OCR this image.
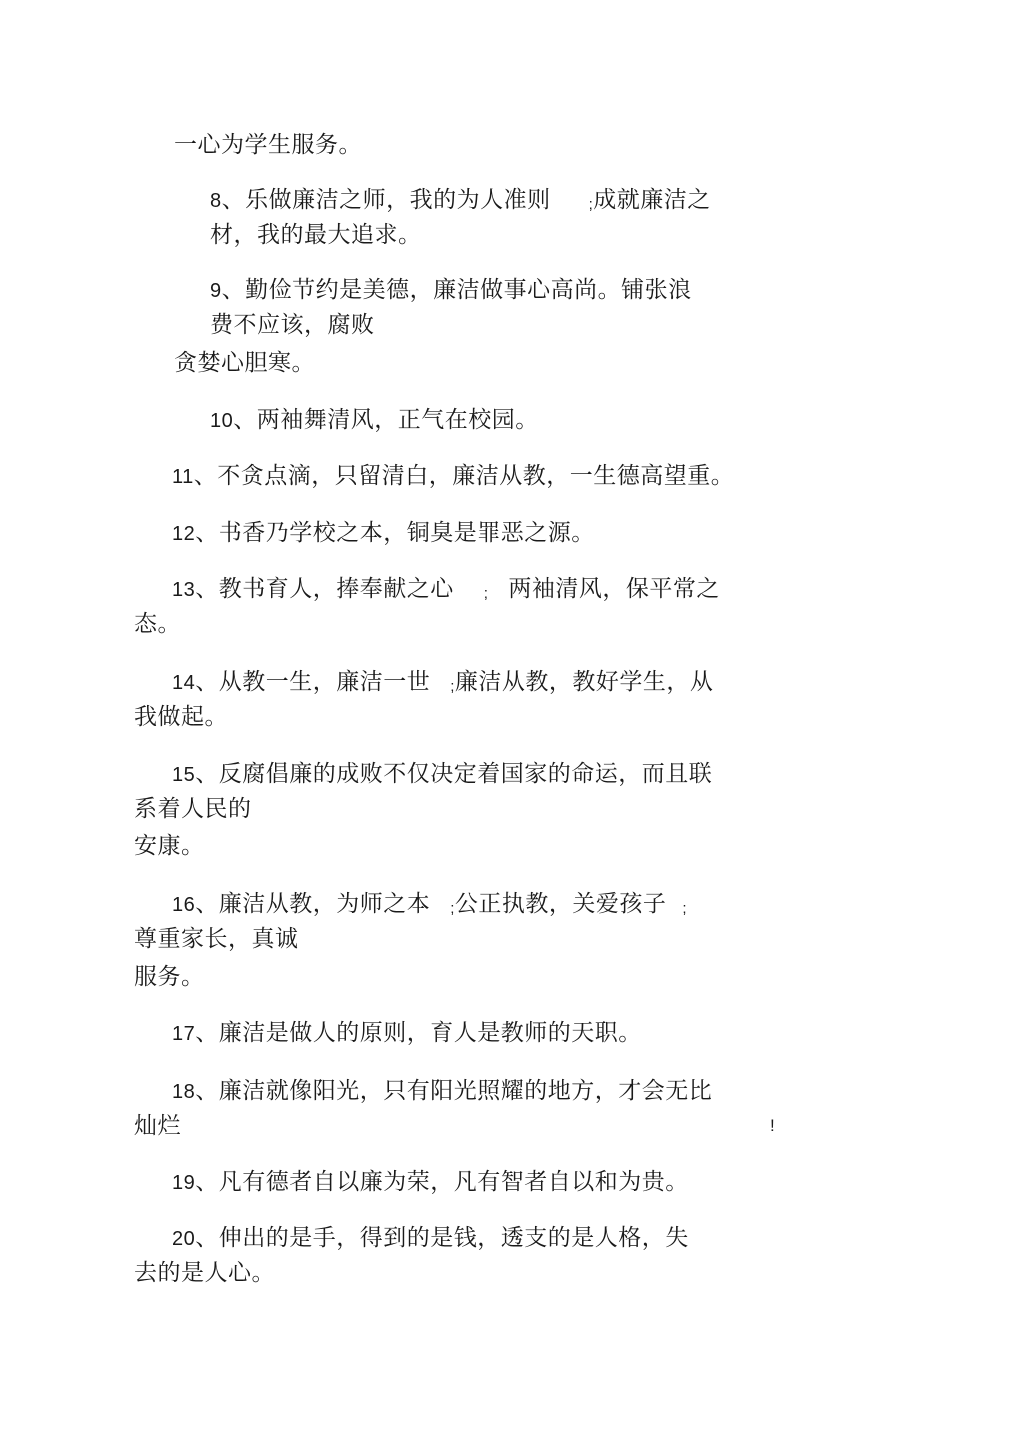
一心为学生服务。

8、乐做廉洁之师，我的为人准则	;成就廉洁之

材，我的最大追求。

9、勤俭节约是美德，廉洁做事心高尚。铺张浪

费不应该，腐败

贪婪心胆寒。

10、两袖舞清风，正气在校园。

11、不贪点滴，只留清白，廉洁从教，一生德高望重。

12、书香乃学校之本，铜臭是罪恶之源。

13、教书育人，捧奉献之心 ; 两袖清风，保平常之

态。

14、从教一生，廉洁一世 ;廉洁从教，教好学生，从

我做起。

15、反腐倡廉的成败不仅决定着国家的命运，而且联

系着人民的

安康。

16、廉洁从教，为师之本 ;公正执教，关爱孩子 ;

尊重家长，真诚

服务。

17、廉洁是做人的原则，育人是教师的天职。

18、廉洁就像阳光，只有阳光照耀的地方，才会无比

灿烂	!

19、凡有德者自以廉为荣，凡有智者自以和为贵。

20、伸出的是手，得到的是钱，透支的是人格，失

去的是人心。
